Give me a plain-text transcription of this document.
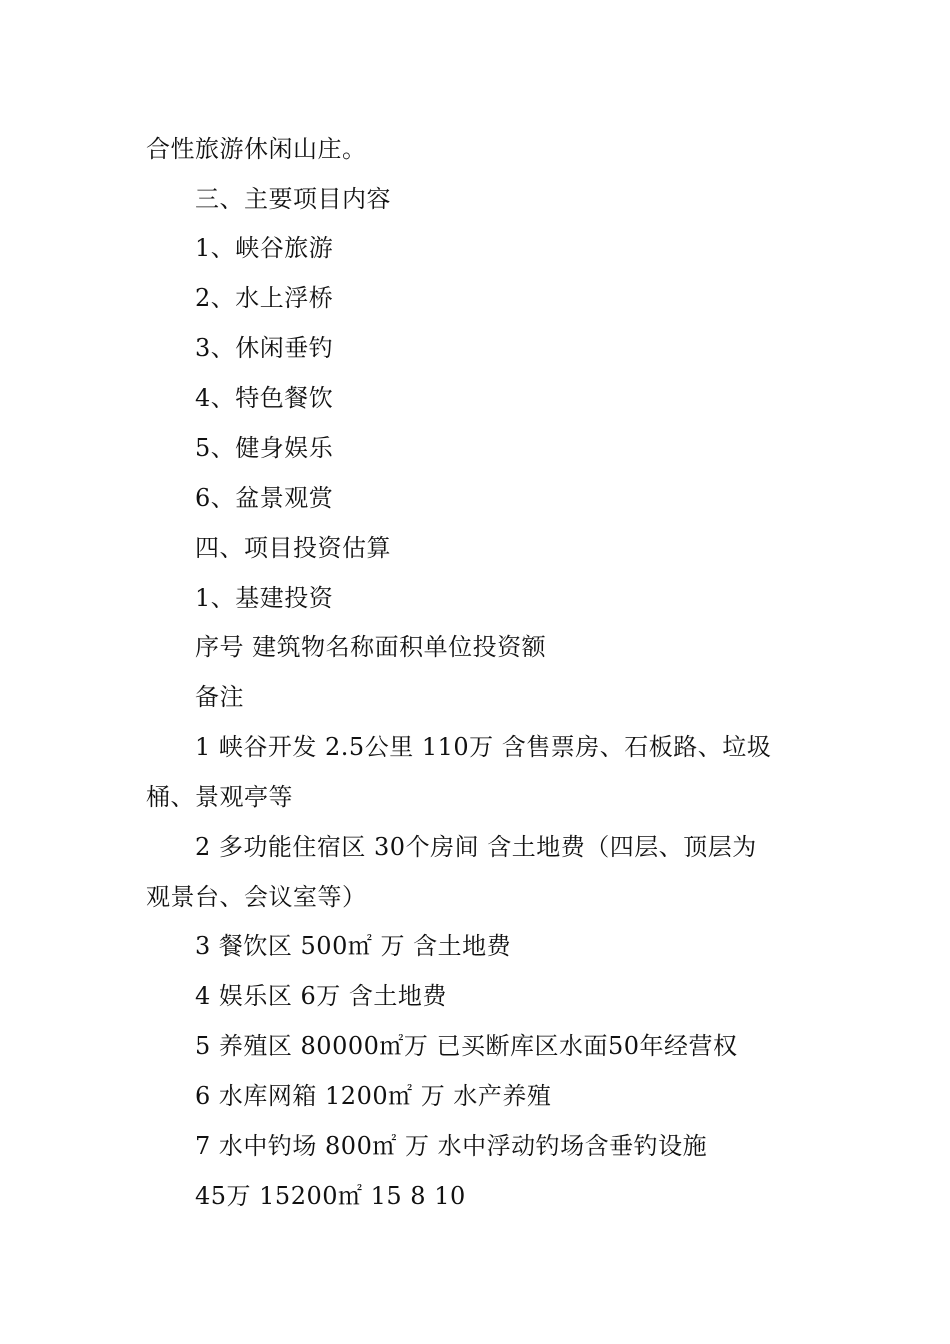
合性旅游休闲山庄。
三、主要项目内容
1、峡谷旅游
2、水上浮桥
3、休闲垂钓
4、特色餐饮
5、健身娱乐
6、盆景观赏
四、项目投资估算
1、基建投资
序号 建筑物名称面积单位投资额
备注
1 峡谷开发 2.5公里 110万 含售票房、石板路、垃圾
桶、景观亭等
2 多功能住宿区 30个房间 含土地费（四层、顶层为
观景台、会议室等）
3 餐饮区 500㎡ 万 含土地费
4 娱乐区 6万 含土地费
5 养殖区 80000㎡万 已买断库区水面50年经营权
6 水库网箱 1200㎡ 万 水产养殖
7 水中钓场 800㎡ 万 水中浮动钓场含垂钓设施
45万 15200㎡ 15 8 10
